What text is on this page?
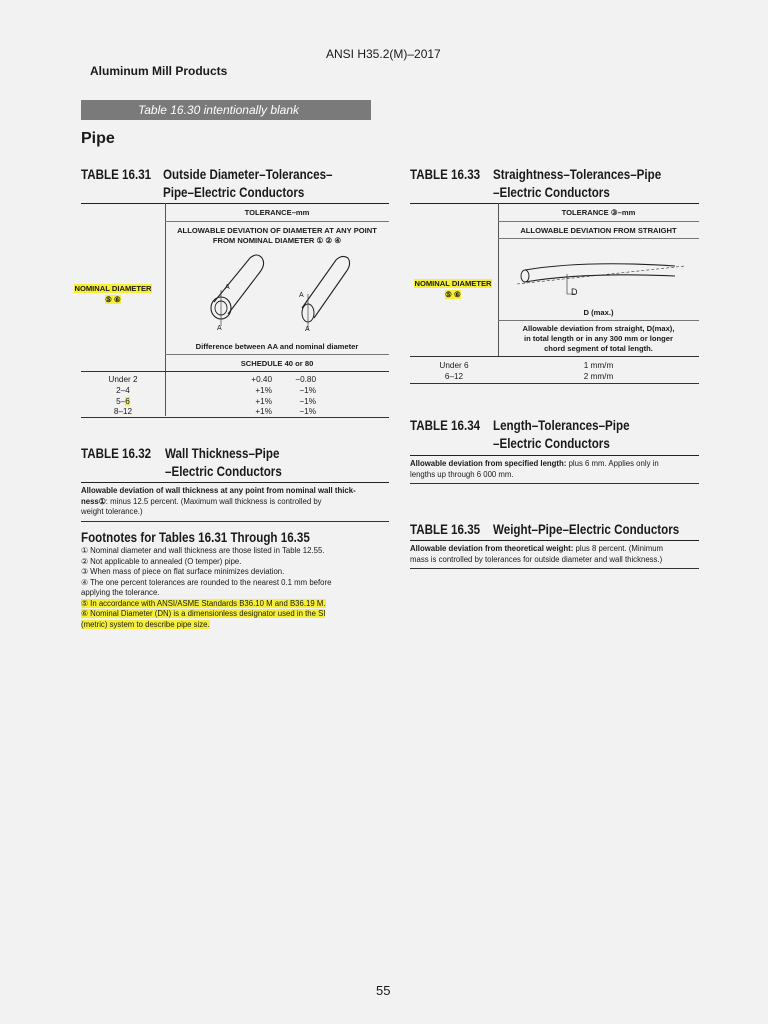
ANSI H35.2(M)–2017
Aluminum Mill Products
Table 16.30 intentionally blank
Pipe
TABLE 16.31 Outside Diameter–Tolerances–
Pipe–Electric Conductors
TOLERANCE–mm
ALLOWABLE DEVIATION OF DIAMETER AT ANY POINT
FROM NOMINAL DIAMETER ① ② ④
NOMINAL DIAMETER
⑤ ⑥
A
A
A
A
Difference between AA and nominal diameter
SCHEDULE 40 or 80
Under 2	+0.40	−0.80
2–4	+1%	−1%
5–6	+1%	−1%
8–12	+1%	−1%
TABLE 16.32 Wall Thickness–Pipe
–Electric Conductors
Allowable deviation of wall thickness at any point from nominal wall thick-
ness①: minus 12.5 percent. (Maximum wall thickness is controlled by
weight tolerance.)
Footnotes for Tables 16.31 Through 16.35
① Nominal diameter and wall thickness are those listed in Table 12.55.
② Not applicable to annealed (O temper) pipe.
③ When mass of piece on flat surface minimizes deviation.
④ The one percent tolerances are rounded to the nearest 0.1 mm before
applying the tolerance.
⑤ In accordance with ANSI/ASME Standards B36.10 M and B36.19 M.
⑥ Nominal Diameter (DN) is a dimensionless designator used in the SI
(metric) system to describe pipe size.
TABLE 16.33 Straightness–Tolerances–Pipe
–Electric Conductors
TOLERANCE ③–mm
ALLOWABLE DEVIATION FROM STRAIGHT
NOMINAL DIAMETER
⑤ ⑥	D
D (max.)
Allowable deviation from straight, D(max),
in total length or in any 300 mm or longer
chord segment of total length.
Under 6	1 mm/m
6–12	2 mm/m
TABLE 16.34 Length–Tolerances–Pipe
–Electric Conductors
Allowable deviation from specified length: plus 6 mm. Applies only in
lengths up through 6 000 mm.
TABLE 16.35 Weight–Pipe–Electric Conductors
Allowable deviation from theoretical weight: plus 8 percent. (Minimum
mass is controlled by tolerances for outside diameter and wall thickness.)
55
